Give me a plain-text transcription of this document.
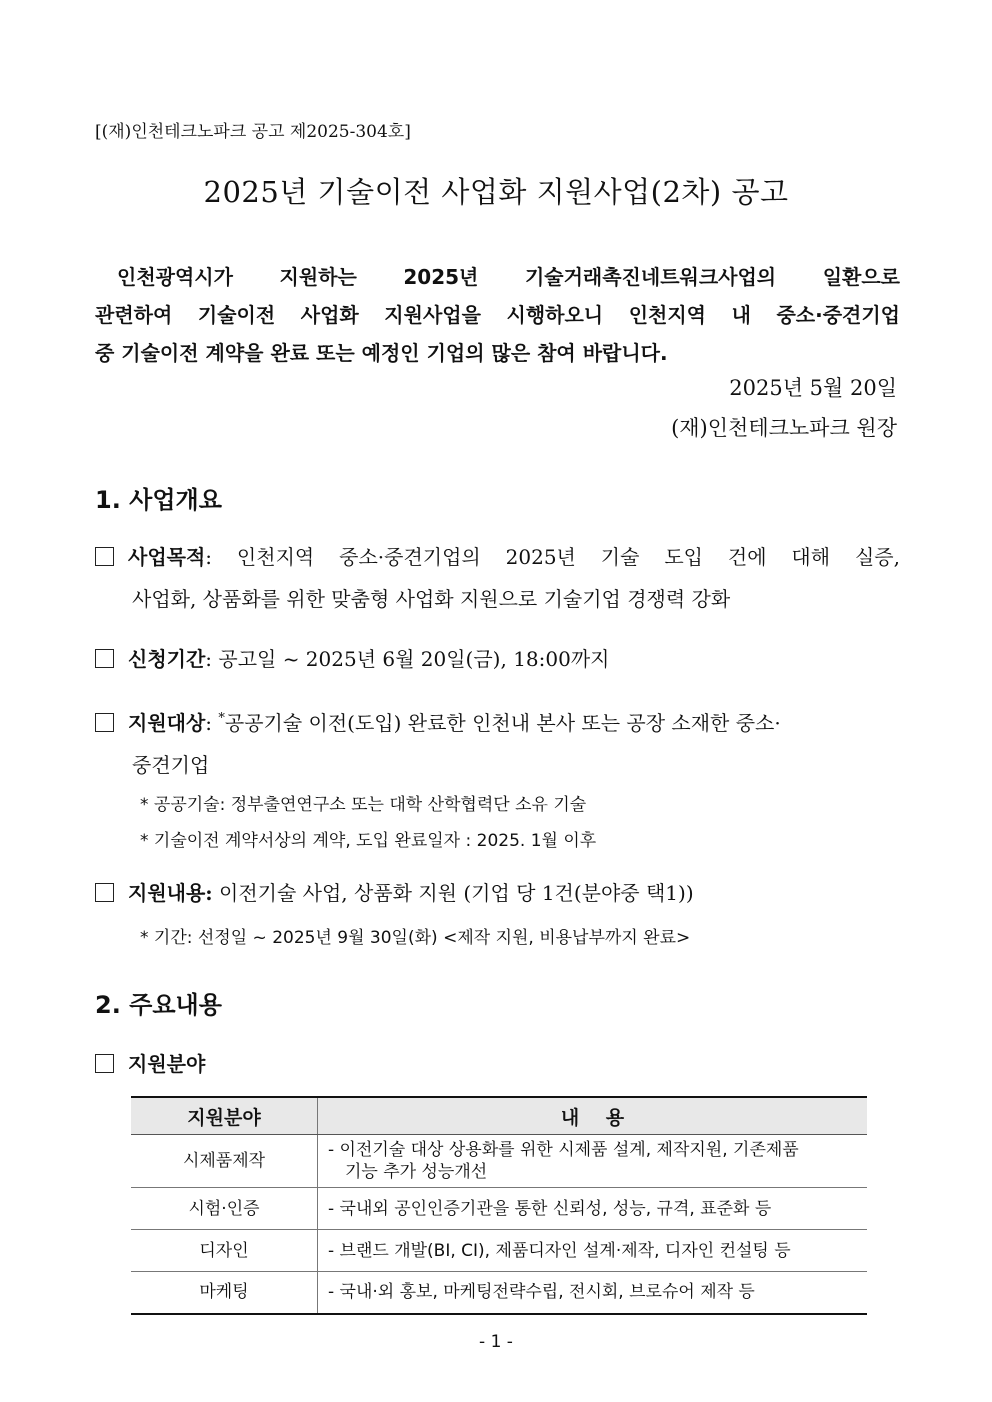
[(재)인천테크노파크 공고 제2025-304호]
2025년 기술이전 사업화 지원사업(2차) 공고

인천광역시가 지원하는 2025년 기술거래촉진네트워크사업의 일환으로

관련하여 기술이전 사업화 지원사업을 시행하오니 인천지역 내 중소·중견기업

중 기술이전 계약을 완료 또는 예정인 기업의 많은 참여 바랍니다.

2025년 5월 20일
(재)인천테크노파크 원장
1. 사업개요
사업목적: 인천지역 중소·중견기업의 2025년 기술 도입 건에 대해 실증,
사업화, 상품화를 위한 맞춤형 사업화 지원으로 기술기업 경쟁력 강화
신청기간: 공고일 ~ 2025년 6월 20일(금), 18:00까지
지원대상: *공공기술 이전(도입) 완료한 인천내 본사 또는 공장 소재한 중소·
중견기업
* 공공기술: 정부출연연구소 또는 대학 산학협력단 소유 기술
* 기술이전 계약서상의 계약, 도입 완료일자 : 2025. 1월 이후
지원내용: 이전기술 사업, 상품화 지원 (기업 당 1건(분야중 택1))
* 기간: 선정일 ~ 2025년 9월 30일(화) <제작 지원, 비용납부까지 완료>
2. 주요내용
지원분야
지원분야	내    용
시제품제작	- 이전기술 대상 상용화를 위한 시제품 설계, 제작지원, 기존제품
기능 추가 성능개선

시험·인증	- 국내외 공인인증기관을 통한 신뢰성, 성능, 규격, 표준화 등
디자인	- 브랜드 개발(BI, CI), 제품디자인 설계·제작, 디자인 컨설팅 등
마케팅	- 국내·외 홍보, 마케팅전략수립, 전시회, 브로슈어 제작 등
- 1 -
